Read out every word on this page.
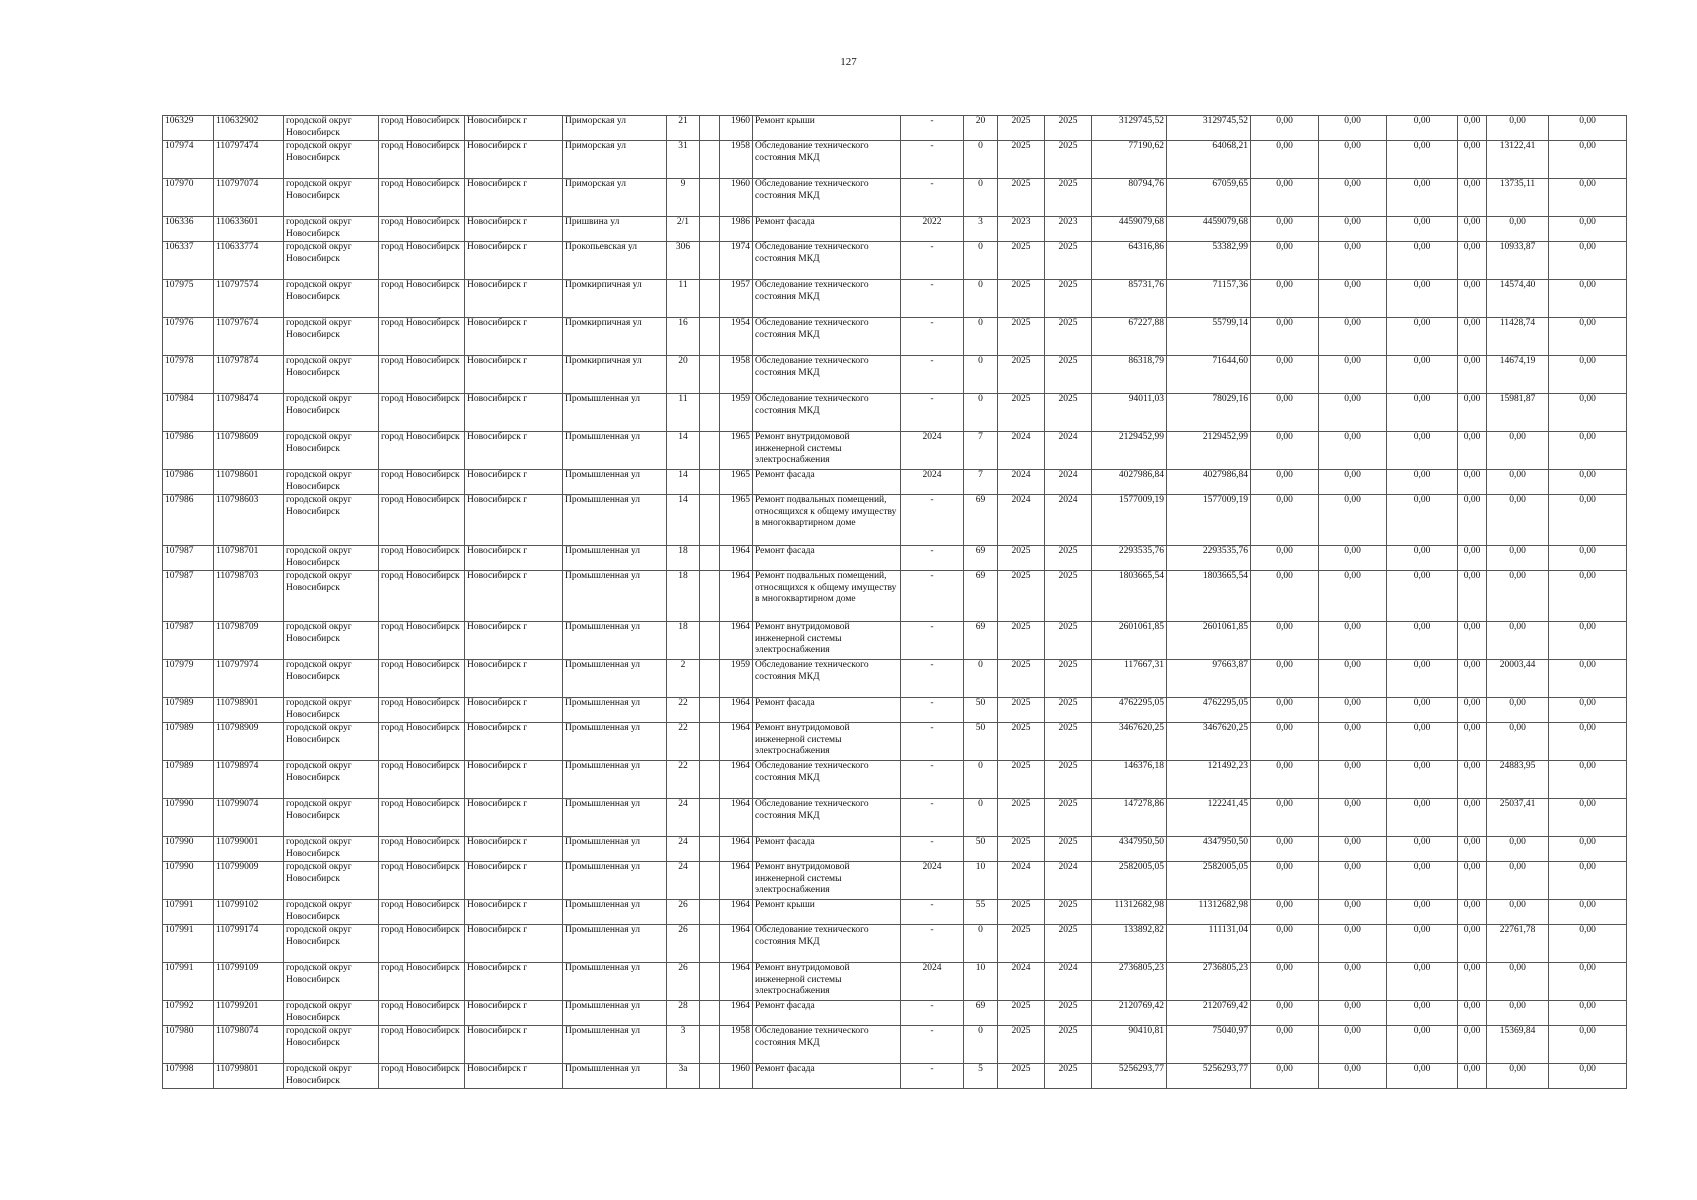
127
106329	110632902	городской округ Новосибирск	город Новосибирск	Новосибирск г	Приморская ул	21		1960	Ремонт крыши	-	20	2025	2025	3129745,52	3129745,52	0,00	0,00	0,00	0,00	0,00	0,00
107974	110797474	городской округ Новосибирск	город Новосибирск	Новосибирск г	Приморская ул	31		1958	Обследование технического состояния МКД	-	0	2025	2025	77190,62	64068,21	0,00	0,00	0,00	0,00	13122,41	0,00
107970	110797074	городской округ Новосибирск	город Новосибирск	Новосибирск г	Приморская ул	9		1960	Обследование технического состояния МКД	-	0	2025	2025	80794,76	67059,65	0,00	0,00	0,00	0,00	13735,11	0,00
106336	110633601	городской округ Новосибирск	город Новосибирск	Новосибирск г	Пришвина ул	2/1		1986	Ремонт фасада	2022	3	2023	2023	4459079,68	4459079,68	0,00	0,00	0,00	0,00	0,00	0,00
106337	110633774	городской округ Новосибирск	город Новосибирск	Новосибирск г	Прокопьевская ул	306		1974	Обследование технического состояния МКД	-	0	2025	2025	64316,86	53382,99	0,00	0,00	0,00	0,00	10933,87	0,00
107975	110797574	городской округ Новосибирск	город Новосибирск	Новосибирск г	Промкирпичная ул	11		1957	Обследование технического состояния МКД	-	0	2025	2025	85731,76	71157,36	0,00	0,00	0,00	0,00	14574,40	0,00
107976	110797674	городской округ Новосибирск	город Новосибирск	Новосибирск г	Промкирпичная ул	16		1954	Обследование технического состояния МКД	-	0	2025	2025	67227,88	55799,14	0,00	0,00	0,00	0,00	11428,74	0,00
107978	110797874	городской округ Новосибирск	город Новосибирск	Новосибирск г	Промкирпичная ул	20		1958	Обследование технического состояния МКД	-	0	2025	2025	86318,79	71644,60	0,00	0,00	0,00	0,00	14674,19	0,00
107984	110798474	городской округ Новосибирск	город Новосибирск	Новосибирск г	Промышленная ул	11		1959	Обследование технического состояния МКД	-	0	2025	2025	94011,03	78029,16	0,00	0,00	0,00	0,00	15981,87	0,00
107986	110798609	городской округ Новосибирск	город Новосибирск	Новосибирск г	Промышленная ул	14		1965	Ремонт внутридомовой инженерной системы электроснабжения	2024	7	2024	2024	2129452,99	2129452,99	0,00	0,00	0,00	0,00	0,00	0,00
107986	110798601	городской округ Новосибирск	город Новосибирск	Новосибирск г	Промышленная ул	14		1965	Ремонт фасада	2024	7	2024	2024	4027986,84	4027986,84	0,00	0,00	0,00	0,00	0,00	0,00
107986	110798603	городской округ Новосибирск	город Новосибирск	Новосибирск г	Промышленная ул	14		1965	Ремонт подвальных помещений, относящихся к общему имуществу в многоквартирном доме	-	69	2024	2024	1577009,19	1577009,19	0,00	0,00	0,00	0,00	0,00	0,00
107987	110798701	городской округ Новосибирск	город Новосибирск	Новосибирск г	Промышленная ул	18		1964	Ремонт фасада	-	69	2025	2025	2293535,76	2293535,76	0,00	0,00	0,00	0,00	0,00	0,00
107987	110798703	городской округ Новосибирск	город Новосибирск	Новосибирск г	Промышленная ул	18		1964	Ремонт подвальных помещений, относящихся к общему имуществу в многоквартирном доме	-	69	2025	2025	1803665,54	1803665,54	0,00	0,00	0,00	0,00	0,00	0,00
107987	110798709	городской округ Новосибирск	город Новосибирск	Новосибирск г	Промышленная ул	18		1964	Ремонт внутридомовой инженерной системы электроснабжения	-	69	2025	2025	2601061,85	2601061,85	0,00	0,00	0,00	0,00	0,00	0,00
107979	110797974	городской округ Новосибирск	город Новосибирск	Новосибирск г	Промышленная ул	2		1959	Обследование технического состояния МКД	-	0	2025	2025	117667,31	97663,87	0,00	0,00	0,00	0,00	20003,44	0,00
107989	110798901	городской округ Новосибирск	город Новосибирск	Новосибирск г	Промышленная ул	22		1964	Ремонт фасада	-	50	2025	2025	4762295,05	4762295,05	0,00	0,00	0,00	0,00	0,00	0,00
107989	110798909	городской округ Новосибирск	город Новосибирск	Новосибирск г	Промышленная ул	22		1964	Ремонт внутридомовой инженерной системы электроснабжения	-	50	2025	2025	3467620,25	3467620,25	0,00	0,00	0,00	0,00	0,00	0,00
107989	110798974	городской округ Новосибирск	город Новосибирск	Новосибирск г	Промышленная ул	22		1964	Обследование технического состояния МКД	-	0	2025	2025	146376,18	121492,23	0,00	0,00	0,00	0,00	24883,95	0,00
107990	110799074	городской округ Новосибирск	город Новосибирск	Новосибирск г	Промышленная ул	24		1964	Обследование технического состояния МКД	-	0	2025	2025	147278,86	122241,45	0,00	0,00	0,00	0,00	25037,41	0,00
107990	110799001	городской округ Новосибирск	город Новосибирск	Новосибирск г	Промышленная ул	24		1964	Ремонт фасада	-	50	2025	2025	4347950,50	4347950,50	0,00	0,00	0,00	0,00	0,00	0,00
107990	110799009	городской округ Новосибирск	город Новосибирск	Новосибирск г	Промышленная ул	24		1964	Ремонт внутридомовой инженерной системы электроснабжения	2024	10	2024	2024	2582005,05	2582005,05	0,00	0,00	0,00	0,00	0,00	0,00
107991	110799102	городской округ Новосибирск	город Новосибирск	Новосибирск г	Промышленная ул	26		1964	Ремонт крыши	-	55	2025	2025	11312682,98	11312682,98	0,00	0,00	0,00	0,00	0,00	0,00
107991	110799174	городской округ Новосибирск	город Новосибирск	Новосибирск г	Промышленная ул	26		1964	Обследование технического состояния МКД	-	0	2025	2025	133892,82	111131,04	0,00	0,00	0,00	0,00	22761,78	0,00
107991	110799109	городской округ Новосибирск	город Новосибирск	Новосибирск г	Промышленная ул	26		1964	Ремонт внутридомовой инженерной системы электроснабжения	2024	10	2024	2024	2736805,23	2736805,23	0,00	0,00	0,00	0,00	0,00	0,00
107992	110799201	городской округ Новосибирск	город Новосибирск	Новосибирск г	Промышленная ул	28		1964	Ремонт фасада	-	69	2025	2025	2120769,42	2120769,42	0,00	0,00	0,00	0,00	0,00	0,00
107980	110798074	городской округ Новосибирск	город Новосибирск	Новосибирск г	Промышленная ул	3		1958	Обследование технического состояния МКД	-	0	2025	2025	90410,81	75040,97	0,00	0,00	0,00	0,00	15369,84	0,00
107998	110799801	городской округ Новосибирск	город Новосибирск	Новосибирск г	Промышленная ул	3а		1960	Ремонт фасада	-	5	2025	2025	5256293,77	5256293,77	0,00	0,00	0,00	0,00	0,00	0,00
